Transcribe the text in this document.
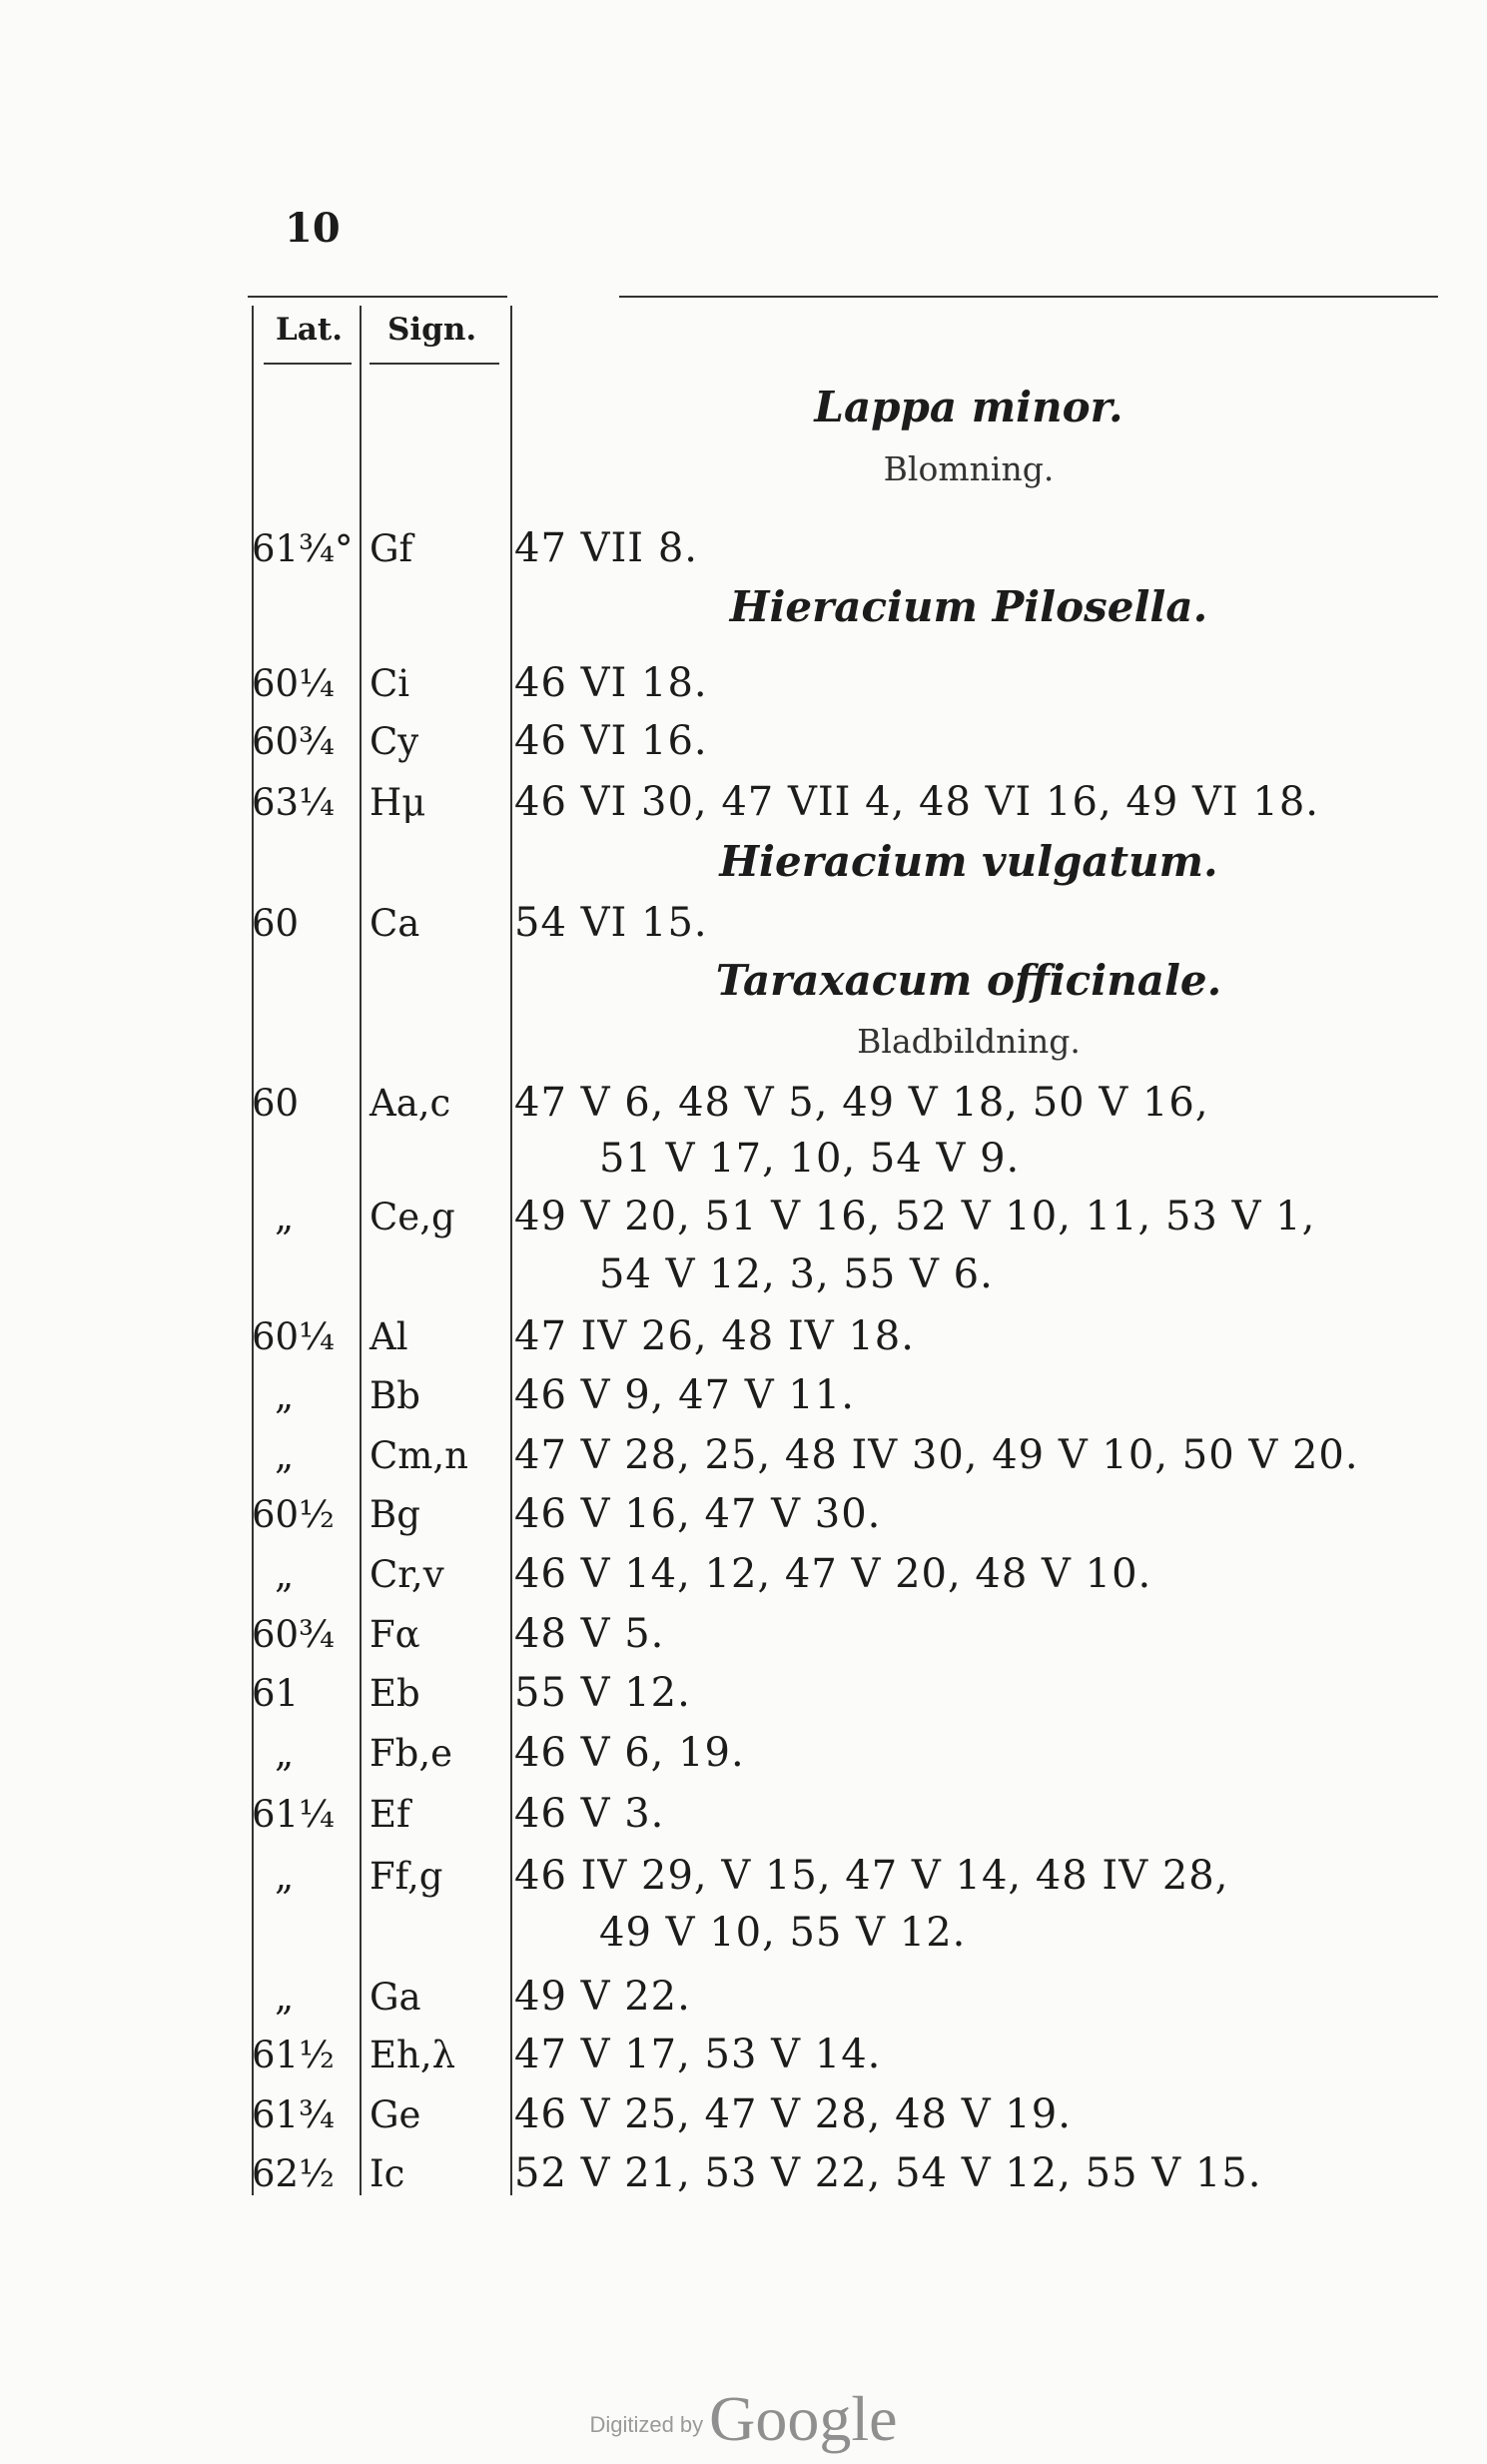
10
Lat. Sign.
Lappa minor.
Blomning.
Hieracium Pilosella.
Hieracium vulgatum.
Taraxacum officinale.
Bladbildning.
61¾° Gf	47 VII 8.
60¼ Ci	46 VI 18.
60¾ Cy 46 VI 16.
63¼ Hμ 46 VI 30, 47 VII 4, 48 VI 16, 49 VI 18.
60 Ca 54 VI 15.
60 Aa,c 47 V 6, 48 V 5, 49 V 18, 50 V 16,
51 V 17, 10, 54 V 9.
„ Ce,g 49 V 20, 51 V 16, 52 V 10, 11, 53 V 1,
54 V 12, 3, 55 V 6.
60¼ Al	47 IV 26, 48 IV 18.
„ Bb 46 V 9, 47 V 11.
„ Cm,n 47 V 28, 25, 48 IV 30, 49 V 10, 50 V 20.
60½ Bg 46 V 16, 47 V 30.
„ Cr,v 46 V 14, 12, 47 V 20, 48 V 10.
60¾ Fα 48 V 5.
61 Eb 55 V 12.
„ Fb,e 46 V 6, 19.
61¼ Ef	46 V 3.
„ Ff,g 46 IV 29, V 15, 47 V 14, 48 IV 28,
49 V 10, 55 V 12.
„ Ga 49 V 22.
61½ Eh,λ 47 V 17, 53 V 14.
61¾ Ge 46 V 25, 47 V 28, 48 V 19.
62½ Ic	52 V 21, 53 V 22, 54 V 12, 55 V 15.
Digitized byGoogle
